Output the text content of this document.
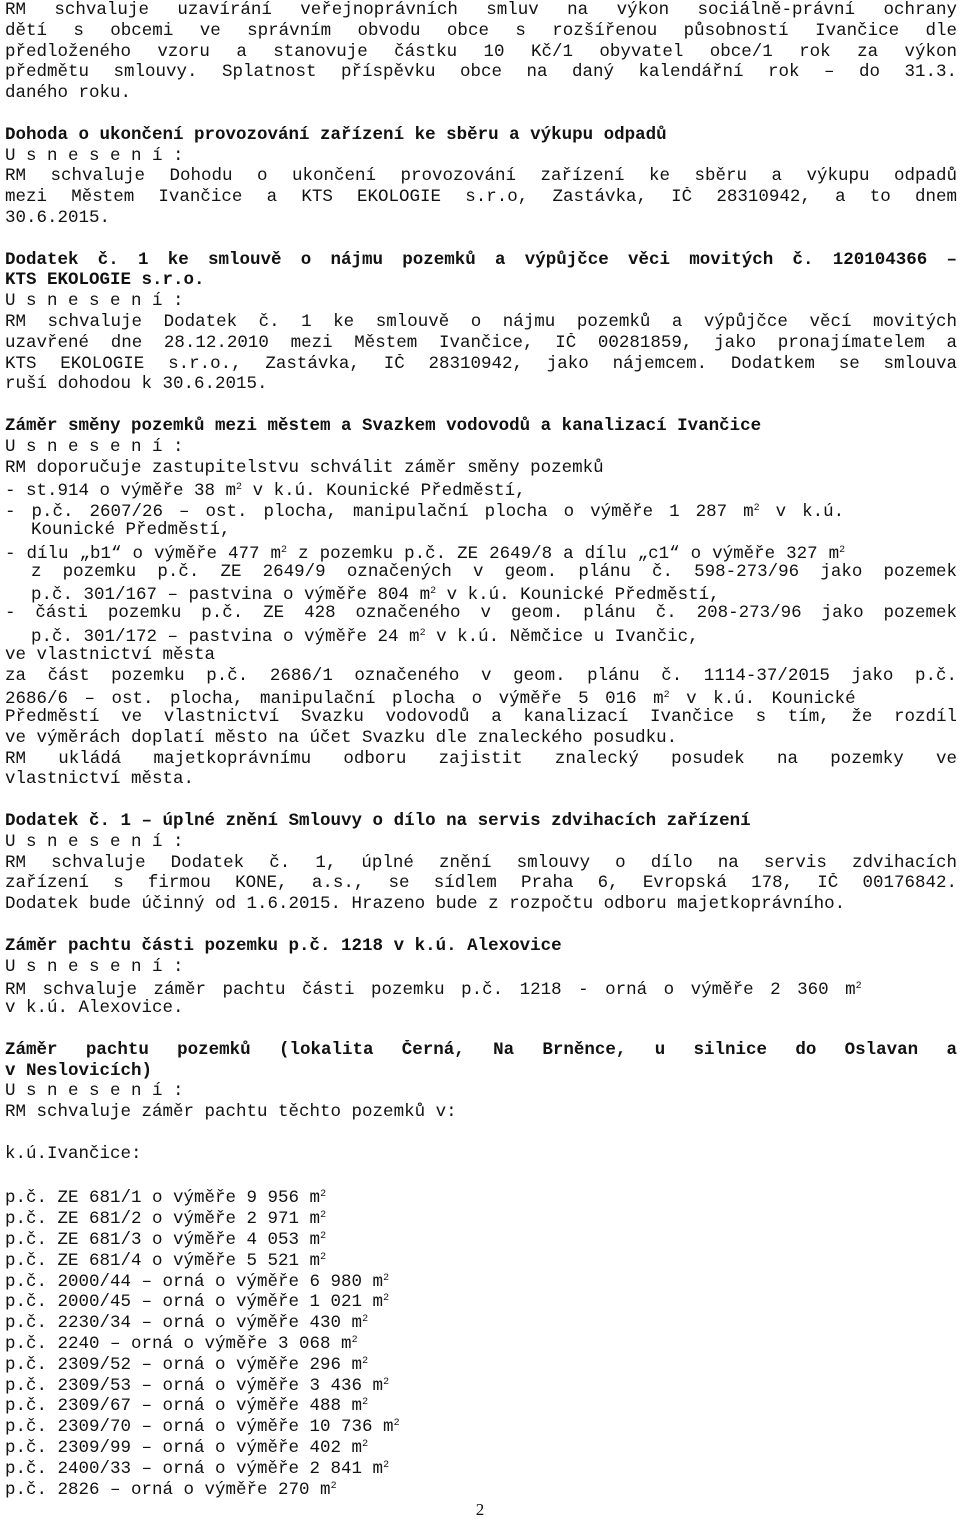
RM schvaluje uzavírání veřejnoprávních smluv na výkon sociálně-právní ochrany
dětí s obcemi ve správním obvodu obce s rozšířenou působností Ivančice dle
předloženého vzoru a stanovuje částku 10 Kč/1 obyvatel obce/1 rok za výkon
předmětu smlouvy. Splatnost příspěvku obce na daný kalendářní rok – do 31.3.
daného roku.
Dohoda o ukončení provozování zařízení ke sběru a výkupu odpadů
U s n e s e n í :
RM schvaluje Dohodu o ukončení provozování zařízení ke sběru a výkupu odpadů
mezi Městem Ivančice a KTS EKOLOGIE s.r.o, Zastávka, IČ 28310942, a to dnem
30.6.2015.
Dodatek č. 1 ke smlouvě o nájmu pozemků a výpůjčce věci movitých č. 120104366 –
KTS EKOLOGIE s.r.o.
U s n e s e n í :
RM schvaluje Dodatek č. 1 ke smlouvě o nájmu pozemků a výpůjčce věcí movitých
uzavřené dne 28.12.2010 mezi Městem Ivančice, IČ 00281859, jako pronajímatelem a
KTS EKOLOGIE s.r.o., Zastávka, IČ 28310942, jako nájemcem. Dodatkem se smlouva
ruší dohodou k 30.6.2015.
Záměr směny pozemků mezi městem a Svazkem vodovodů a kanalizací Ivančice
U s n e s e n í :
RM doporučuje zastupitelstvu schválit záměr směny pozemků
- st.914 o výměře 38 $m^2$ v k.ú. Kounické Předměstí,
- p.č. 2607/26 – ost. plocha, manipulační plocha o výměře 1 287 $m^2$ v k.ú.
Kounické Předměstí,
- dílu „b1“ o výměře 477 $m^2$ z pozemku p.č. ZE 2649/8 a dílu „c1“ o výměře 327 $m^2$
z pozemku p.č. ZE 2649/9 označených v geom. plánu č. 598-273/96 jako pozemek
p.č. 301/167 – pastvina o výměře 804 $m^2$ v k.ú. Kounické Předměstí,
- části pozemku p.č. ZE 428 označeného v geom. plánu č. 208-273/96 jako pozemek
p.č. 301/172 – pastvina o výměře 24 $m^2$ v k.ú. Němčice u Ivančic,
ve vlastnictví města
za část pozemku p.č. 2686/1 označeného v geom. plánu č. 1114-37/2015 jako p.č.
2686/6 – ost. plocha, manipulační plocha o výměře 5 016 $m^2$ v k.ú. Kounické
Předměstí ve vlastnictví Svazku vodovodů a kanalizací Ivančice s tím, že rozdíl
ve výměrách doplatí město na účet Svazku dle znaleckého posudku.
RM ukládá majetkoprávnímu odboru zajistit znalecký posudek na pozemky ve
vlastnictví města.
Dodatek č. 1 – úplné znění Smlouvy o dílo na servis zdvihacích zařízení
U s n e s e n í :
RM schvaluje Dodatek č. 1, úplné znění smlouvy o dílo na servis zdvihacích
zařízení s firmou KONE, a.s., se sídlem Praha 6, Evropská 178, IČ 00176842.
Dodatek bude účinný od 1.6.2015. Hrazeno bude z rozpočtu odboru majetkoprávního.
Záměr pachtu části pozemku p.č. 1218 v k.ú. Alexovice
U s n e s e n í :
RM schvaluje záměr pachtu části pozemku p.č. 1218 - orná o výměře 2 360 $m^2$
v k.ú. Alexovice.
Záměr pachtu pozemků (lokalita Černá, Na Brněnce, u silnice do Oslavan a
v Neslovicích)
U s n e s e n í :
RM schvaluje záměr pachtu těchto pozemků v:
k.ú.Ivančice:
p.č. ZE 681/1 o výměře 9 956 $m^2$
p.č. ZE 681/2 o výměře 2 971 $m^2$
p.č. ZE 681/3 o výměře 4 053 $m^2$
p.č. ZE 681/4 o výměře 5 521 $m^2$
p.č. 2000/44 – orná o výměře 6 980 $m^2$
p.č. 2000/45 – orná o výměře 1 021 $m^2$
p.č. 2230/34 – orná o výměře 430 $m^2$
p.č. 2240 – orná o výměře 3 068 $m^2$
p.č. 2309/52 – orná o výměře 296 $m^2$
p.č. 2309/53 – orná o výměře 3 436 $m^2$
p.č. 2309/67 – orná o výměře 488 $m^2$
p.č. 2309/70 – orná o výměře 10 736 $m^2$
p.č. 2309/99 – orná o výměře 402 $m^2$
p.č. 2400/33 – orná o výměře 2 841 $m^2$
p.č. 2826 – orná o výměře 270 $m^2$
2
